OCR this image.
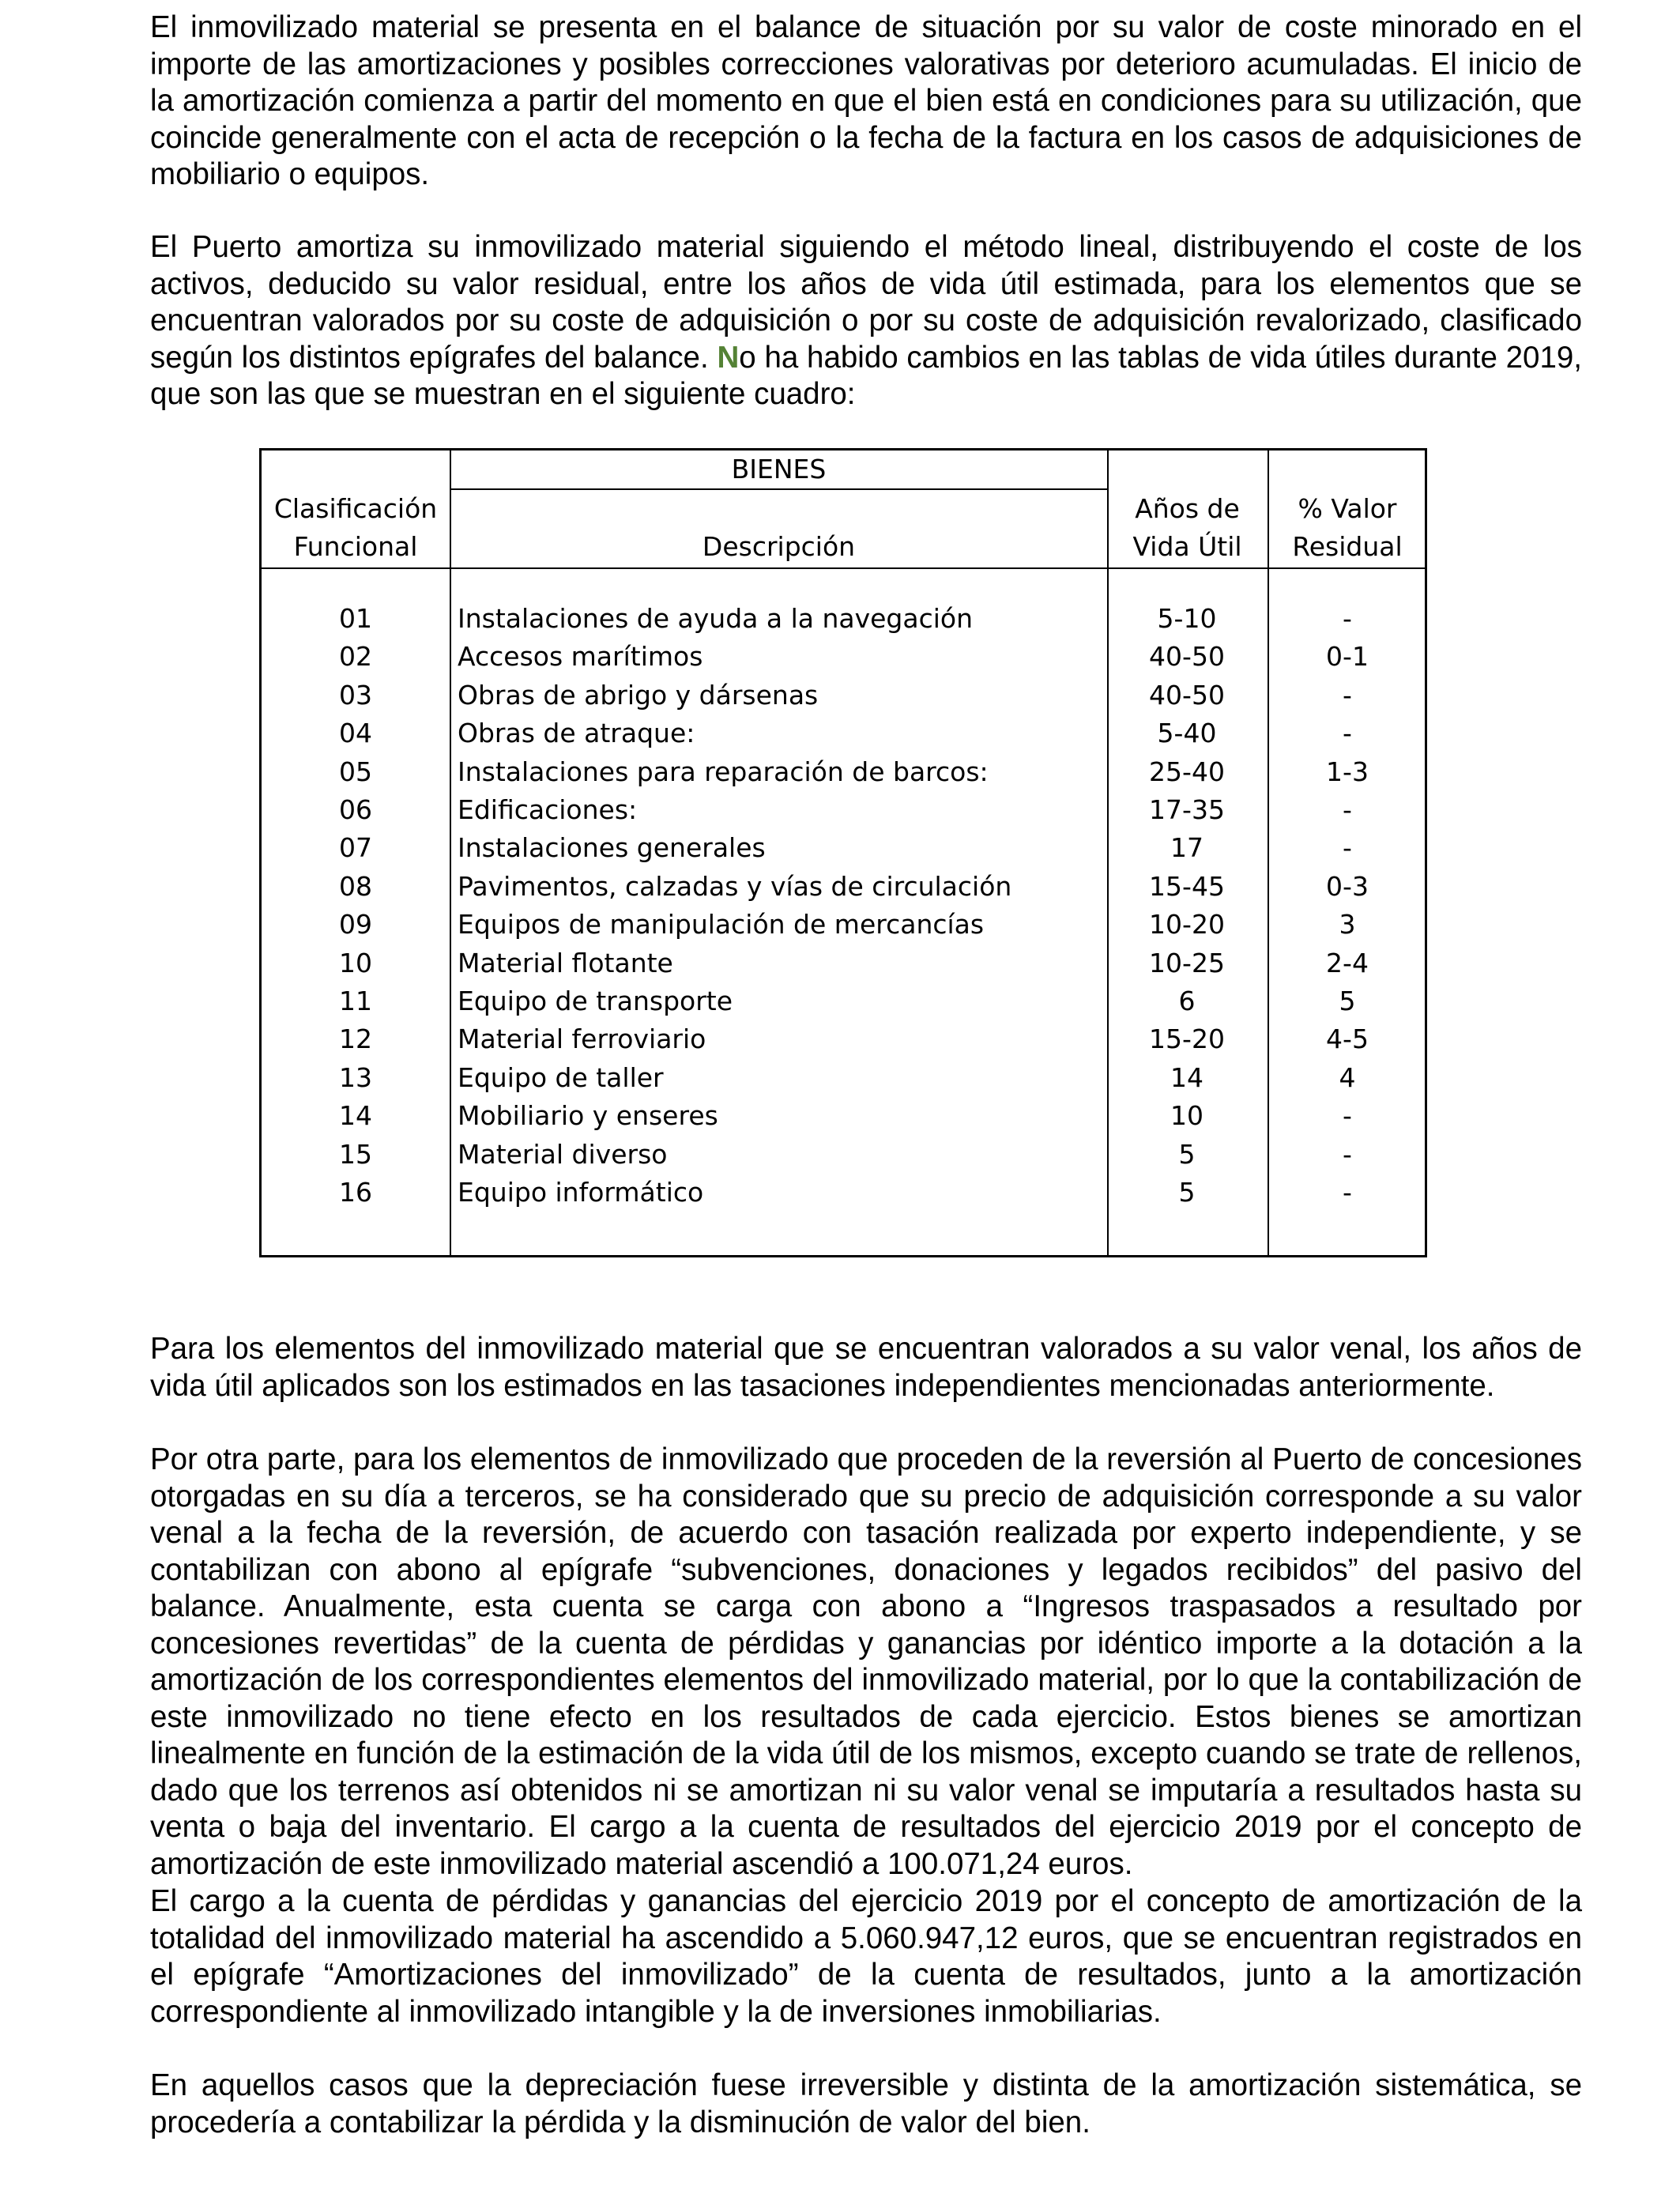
El inmovilizado material se presenta en el balance de situación por su valor de coste minorado en el importe de las amortizaciones y posibles correcciones valorativas por deterioro acumuladas. El inicio de la amortización comienza a partir del momento en que el bien está en condiciones para su utilización, que coincide generalmente con el acta de recepción o la fecha de la factura en los casos de adquisiciones de mobiliario o equipos.

El Puerto amortiza su inmovilizado material siguiendo el método lineal, distribuyendo el coste de los activos, deducido su valor residual, entre los años de vida útil estimada, para los elementos que se encuentran valorados por su coste de adquisición o por su coste de adquisición revalorizado, clasificado según los distintos epígrafes del balance. No ha habido cambios en las tablas de vida útiles durante 2019, que son las que se muestran en el siguiente cuadro:

Para los elementos del inmovilizado material que se encuentran valorados a su valor venal, los años de vida útil aplicados son los estimados en las tasaciones independientes mencionadas anteriormente.

Por otra parte, para los elementos de inmovilizado que proceden de la reversión al Puerto de concesiones otorgadas en su día a terceros, se ha considerado que su precio de adquisición corresponde a su valor venal a la fecha de la reversión, de acuerdo con tasación realizada por experto independiente, y se contabilizan con abono al epígrafe “subvenciones, donaciones y legados recibidos” del pasivo del balance. Anualmente, esta cuenta se carga con abono a “Ingresos traspasados a resultado por concesiones revertidas” de la cuenta de pérdidas y ganancias por idéntico importe a la dotación a la amortización de los correspondientes elementos del inmovilizado material, por lo que la contabilización de este inmovilizado no tiene efecto en los resultados de cada ejercicio. Estos bienes se amortizan linealmente en función de la estimación de la vida útil de los mismos, excepto cuando se trate de rellenos, dado que los terrenos así obtenidos ni se amortizan ni su valor venal se imputaría a resultados hasta su venta o baja del inventario. El cargo a la cuenta de resultados del ejercicio 2019 por el concepto de amortización de este inmovilizado material ascendió a 100.071,24 euros.

El cargo a la cuenta de pérdidas y ganancias del ejercicio 2019 por el concepto de amortización de la totalidad del inmovilizado material ha ascendido a 5.060.947,12 euros, que se encuentran registrados en el epígrafe “Amortizaciones del inmovilizado” de la cuenta de resultados, junto a la amortización correspondiente al inmovilizado intangible y la de inversiones inmobiliarias.

En aquellos casos que la depreciación fuese irreversible y distinta de la amortización sistemática, se procedería a contabilizar la pérdida y la disminución de valor del bien.

BIENES
Clasificación
Funcional	Descripción
Años de
Vida Útil
% Valor
Residual
01	Instalaciones de ayuda a la navegación	5-10	-
02	Accesos marítimos	40-50	0-1
03	Obras de abrigo y dársenas	40-50	-
04	Obras de atraque:	5-40	-
05	Instalaciones para reparación de barcos:	25-40	1-3
06	Edificaciones:	17-35	-
07	Instalaciones generales	17	-
08	Pavimentos, calzadas y vías de circulación	15-45	0-3
09	Equipos de manipulación de mercancías	10-20	3
10	Material flotante	10-25	2-4
11	Equipo de transporte	6	5
12	Material ferroviario	15-20	4-5
13	Equipo de taller	14	4
14	Mobiliario y enseres	10	-
15	Material diverso	5	-
16	Equipo informático	5	-
